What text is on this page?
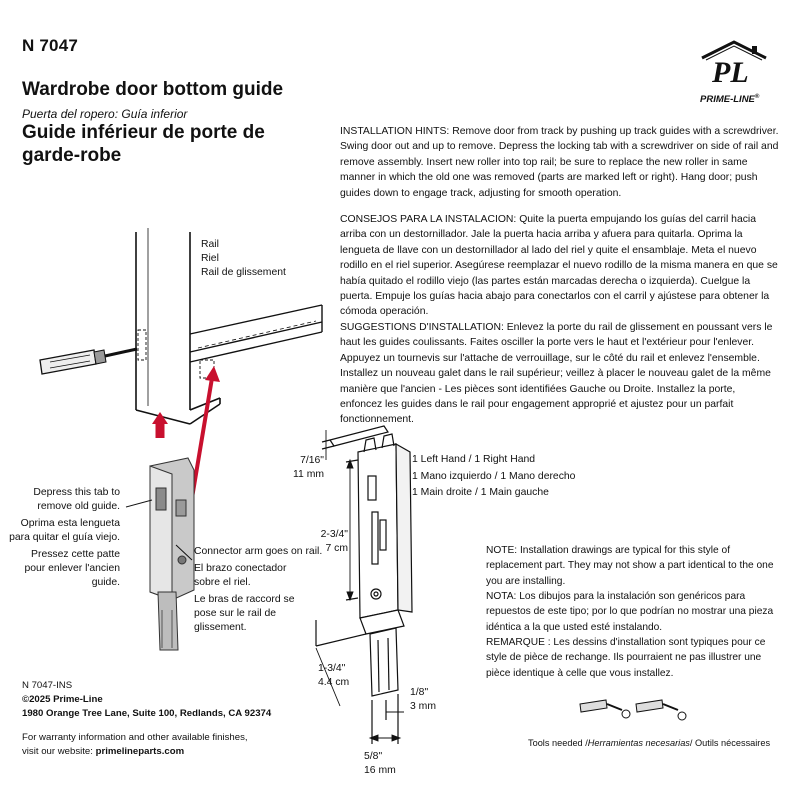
N 7047
Wardrobe door bottom guide
Puerta del ropero: Guía inferior
Guide inférieur de porte de garde-robe
PL
PRIME-LINE®
INSTALLATION HINTS: Remove door from track by pushing up track guides with a screwdriver. Swing door out and up to remove. Depress the locking tab with a screwdriver on side of rail and remove assembly. Insert new roller into top rail; be sure to replace the new roller in same manner in which the old one was removed (parts are marked left or right). Hang door; push guides down to engage track, adjusting for smooth operation.
CONSEJOS PARA LA INSTALACION: Quite la puerta empujando los guías del carril hacia arriba con un destornillador. Jale la puerta hacia arriba y afuera para quitarla. Oprima la lengueta de llave con un destornillador al lado del riel y quite el ensamblaje. Meta el nuevo rodillo en el riel superior. Asegúrese reemplazar el nuevo rodillo de la misma manera en que se había quitado el rodillo viejo (las partes están marcadas derecha o izquierda). Cuelgue la puerta. Empuje los guías hacia abajo para conectarlos con el carril y ajústese para obtener la cómoda operación.
SUGGESTIONS D'INSTALLATION: Enlevez la porte du rail de glissement en poussant vers le haut les guides coulissants. Faites osciller la porte vers le haut et l'extérieur pour l'enlever. Appuyez un tournevis sur l'attache de verrouillage, sur le côté du rail et enlevez l'ensemble. Installez un nouveau galet dans le rail supérieur; veillez à placer le nouveau galet de la même manière que l'ancien - Les pièces sont identifiées Gauche ou Droite. Installez la porte, enfoncez les guides dans le rail pour engagement approprié et ajustez pour un parfait fonctionnement.
Rail
Riel
Rail de glissement
Depress this tab to remove old guide.
Oprima esta lengueta para quitar el guía viejo.
Pressez cette patte pour enlever l'ancien guide.
Connector arm goes on rail.
El brazo conectador sobre el riel.
Le bras de raccord se pose sur le rail de glissement.
7/16"
11 mm
2-3/4"
7 cm
1-3/4"
4.4 cm
1/8"
3 mm
5/8"
16 mm
1 Left Hand / 1 Right Hand
1 Mano izquierdo / 1 Mano derecho
1 Main droite / 1 Main gauche
NOTE: Installation drawings are typical for this style of replacement part. They may not show a part identical to the one you are installing.
NOTA: Los dibujos para la instalación son genéricos para repuestos de este tipo; por lo que podrían no mostrar una pieza idéntica a la que usted esté instalando.
REMARQUE : Les dessins d'installation sont typiques pour ce style de pièce de rechange. Ils pourraient ne pas illustrer une pièce identique à celle que vous installez.
Tools needed /Herramientas necesarias/ Outils nécessaires
N 7047-INS
©2025 Prime-Line
1980 Orange Tree Lane, Suite 100, Redlands, CA 92374
For warranty information and other available finishes,
visit our website: primelineparts.com
